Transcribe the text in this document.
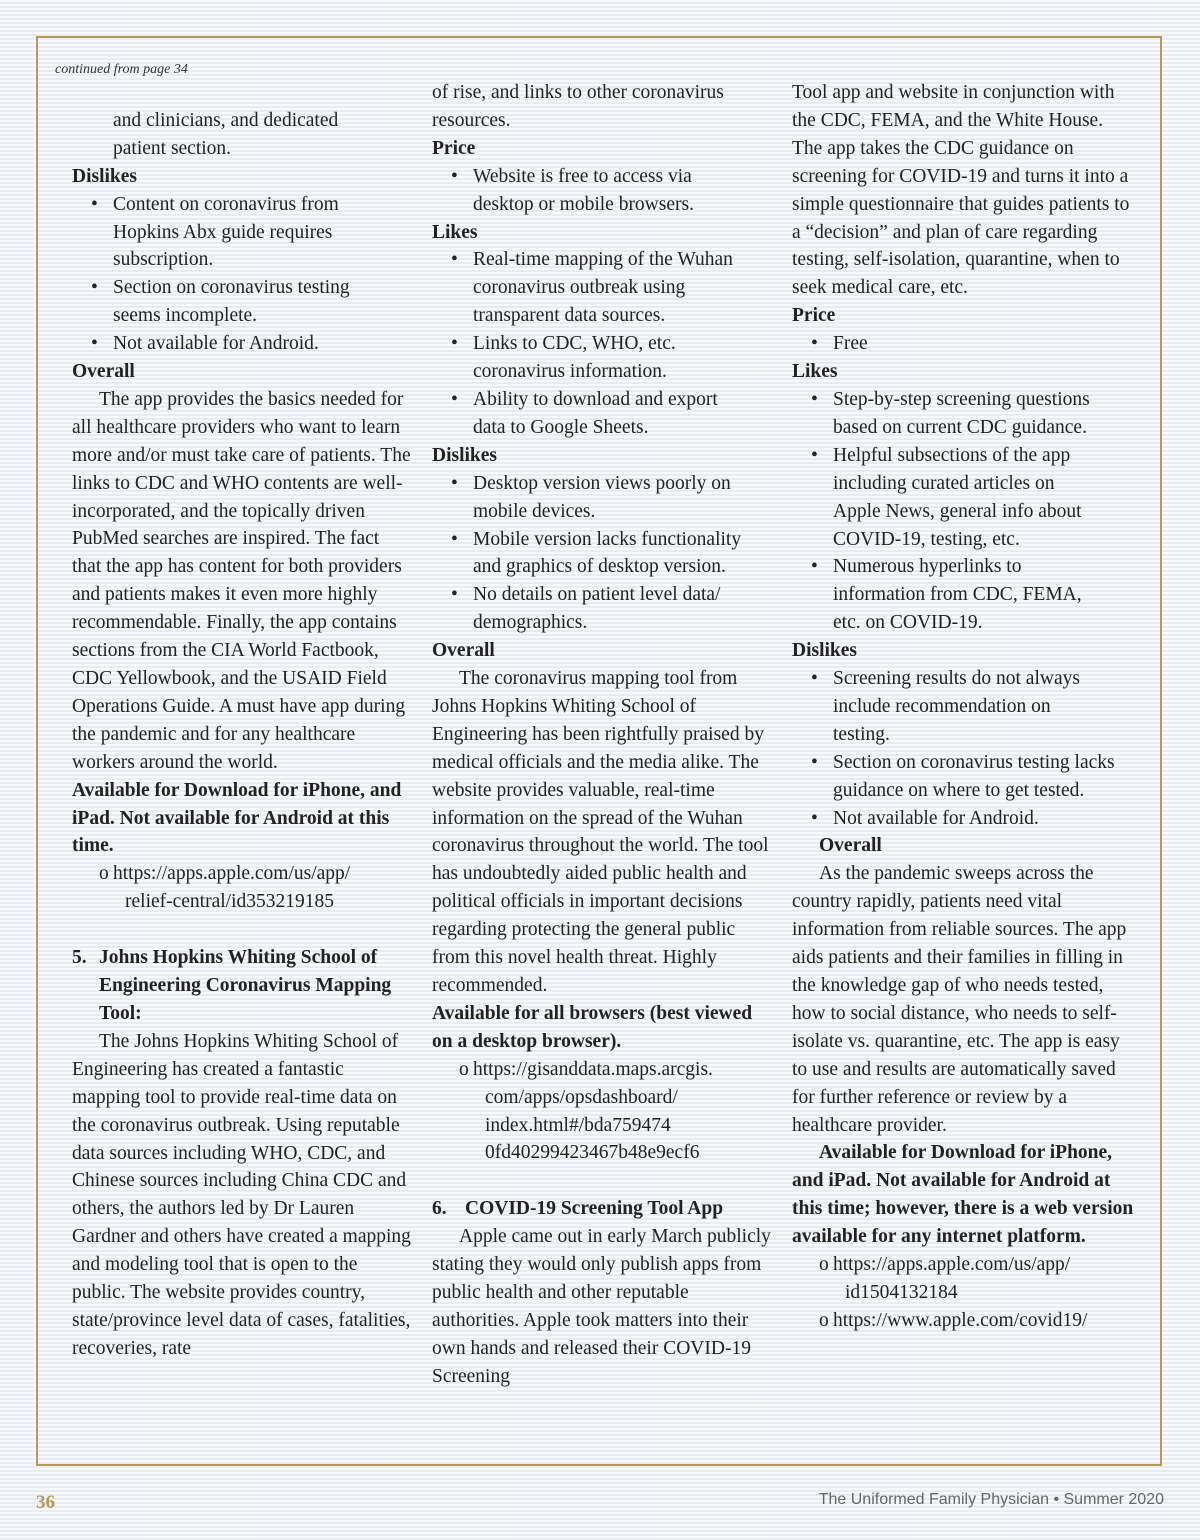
continued from page 34
and clinicians, and dedicated
patient section.
Dislikes
• Content on coronavirus from
Hopkins Abx guide requires
subscription.
• Section on coronavirus testing
seems incomplete.
• Not available for Android.
Overall

The app provides the basics needed for all healthcare providers who want to learn more and/or must take care of patients. The links to CDC and WHO contents are well-incorporated, and the topically driven PubMed searches are inspired. The fact that the app has content for both providers and patients makes it even more highly recommendable. Finally, the app contains sections from the CIA World Factbook, CDC Yellowbook, and the USAID Field Operations Guide. A must have app during the pandemic and for any healthcare workers around the world.

Available for Download for iPhone, and iPad. Not available for Android at this time.

o https://apps.apple.com/us/app/
relief-central/id353219185
5. Johns Hopkins Whiting School of Engineering Coronavirus Mapping Tool:

The Johns Hopkins Whiting School of Engineering has created a fantastic mapping tool to provide real-time data on the coronavirus outbreak. Using reputable data sources including WHO, CDC, and Chinese sources including China CDC and others, the authors led by Dr Lauren Gardner and others have created a mapping and modeling tool that is open to the public. The website provides country, state/province level data of cases, fatalities, recoveries, rate

of rise, and links to other coronavirus resources.

Price
• Website is free to access via
desktop or mobile browsers.
Likes
• Real-time mapping of the Wuhan
coronavirus outbreak using
transparent data sources.
• Links to CDC, WHO, etc.
coronavirus information.
• Ability to download and export
data to Google Sheets.
Dislikes
• Desktop version views poorly on
mobile devices.
• Mobile version lacks functionality
and graphics of desktop version.
• No details on patient level data/
demographics.
Overall

The coronavirus mapping tool from Johns Hopkins Whiting School of Engineering has been rightfully praised by medical officials and the media alike. The website provides valuable, real-time information on the spread of the Wuhan coronavirus throughout the world. The tool has undoubtedly aided public health and political officials in important decisions regarding protecting the general public from this novel health threat. Highly recommended.

Available for all browsers (best viewed on a desktop browser).

o https://gisanddata.maps.arcgis.
com/apps/opsdashboard/
index.html#/bda759474
0fd40299423467b48e9ecf6
6. COVID-19 Screening Tool App

Apple came out in early March publicly stating they would only publish apps from public health and other reputable authorities. Apple took matters into their own hands and released their COVID-19 Screening

Tool app and website in conjunction with the CDC, FEMA, and the White House. The app takes the CDC guidance on screening for COVID-19 and turns it into a simple questionnaire that guides patients to a “decision” and plan of care regarding testing, self-isolation, quarantine, when to seek medical care, etc.

Price
• Free
Likes
• Step-by-step screening questions
based on current CDC guidance.
• Helpful subsections of the app
including curated articles on
Apple News, general info about
COVID-19, testing, etc.
• Numerous hyperlinks to
information from CDC, FEMA,
etc. on COVID-19.
Dislikes
• Screening results do not always
include recommendation on
testing.
• Section on coronavirus testing lacks
guidance on where to get tested.
• Not available for Android.
Overall

As the pandemic sweeps across the country rapidly, patients need vital information from reliable sources. The app aids patients and their families in filling in the knowledge gap of who needs tested, how to social distance, who needs to self-isolate vs. quarantine, etc. The app is easy to use and results are automatically saved for further reference or review by a healthcare provider.

Available for Download for iPhone, and iPad. Not available for Android at this time; however, there is a web version available for any internet platform.

o https://apps.apple.com/us/app/
id1504132184
o https://www.apple.com/covid19/
36	The Uniformed Family Physician • Summer 2020
